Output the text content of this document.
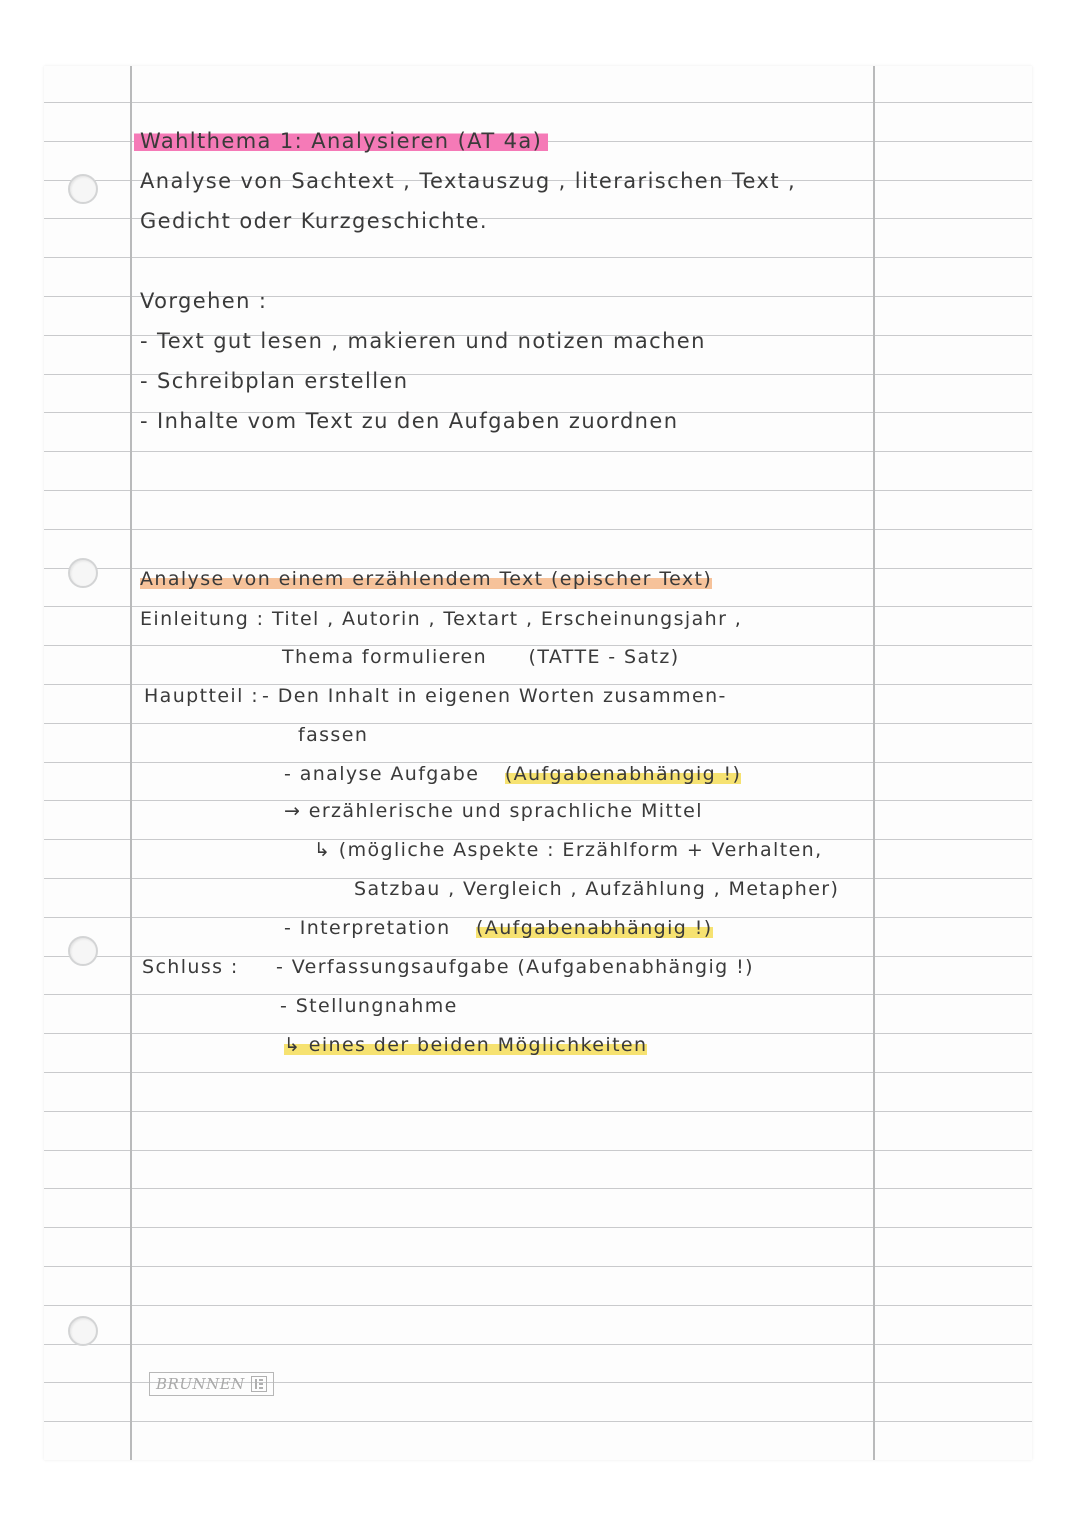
Wahlthema 1: Analysieren (AT 4a)
Analyse von Sachtext , Textauszug , literarischen Text ,
Gedicht oder Kurzgeschichte.
Vorgehen :
- Text gut lesen , makieren und notizen machen
- Schreibplan erstellen
- Inhalte vom Text zu den Aufgaben zuordnen
Analyse von einem erzählendem Text (epischer Text)
Einleitung : Titel , Autorin , Textart , Erscheinungsjahr ,
Thema formulieren (TATTE - Satz)
Hauptteil : - Den Inhalt in eigenen Worten zusammen-
fassen
- analyse Aufgabe (Aufgabenabhängig !)
→ erzählerische und sprachliche Mittel
↳ (mögliche Aspekte : Erzählform + Verhalten,
Satzbau , Vergleich , Aufzählung , Metapher)
- Interpretation (Aufgabenabhängig !)
Schluss : - Verfassungsaufgabe (Aufgabenabhängig !)
- Stellungnahme
↳ eines der beiden Möglichkeiten
BRUNNEN
